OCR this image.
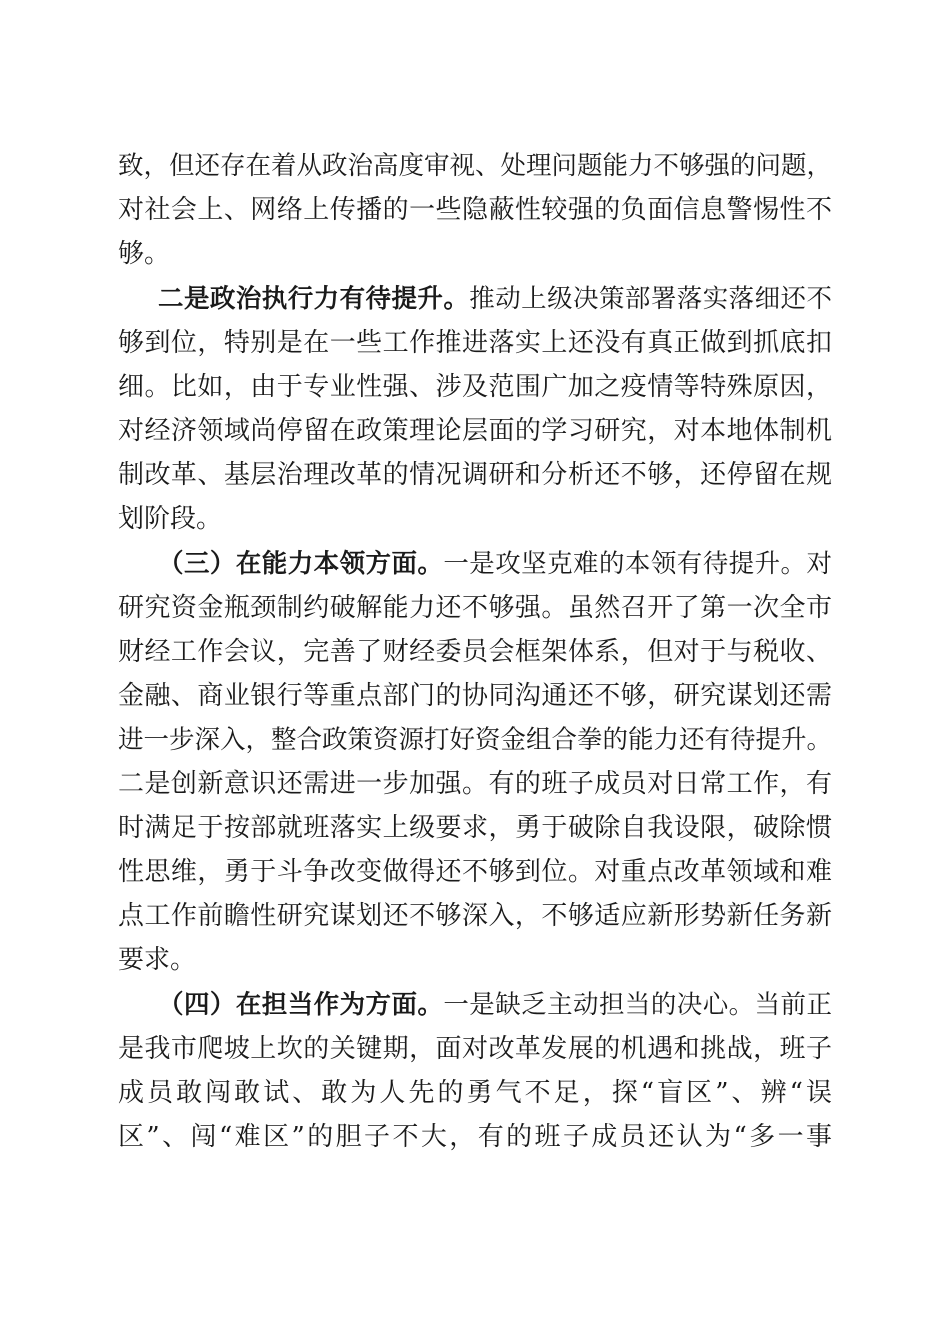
致，但还存在着从政治高度审视、处理问题能力不够强的问题，
对社会上、网络上传播的一些隐蔽性较强的负面信息警惕性不
够。
二是政治执行力有待提升。推动上级决策部署落实落细还不
够到位，特别是在一些工作推进落实上还没有真正做到抓底扣
细。比如，由于专业性强、涉及范围广加之疫情等特殊原因，
对经济领域尚停留在政策理论层面的学习研究，对本地体制机
制改革、基层治理改革的情况调研和分析还不够，还停留在规
划阶段。
（三）在能力本领方面。一是攻坚克难的本领有待提升。对
研究资金瓶颈制约破解能力还不够强。虽然召开了第一次全市
财经工作会议，完善了财经委员会框架体系，但对于与税收、
金融、商业银行等重点部门的协同沟通还不够，研究谋划还需
进一步深入，整合政策资源打好资金组合拳的能力还有待提升。
二是创新意识还需进一步加强。有的班子成员对日常工作，有
时满足于按部就班落实上级要求，勇于破除自我设限，破除惯
性思维，勇于斗争改变做得还不够到位。对重点改革领域和难
点工作前瞻性研究谋划还不够深入，不够适应新形势新任务新
要求。
（四）在担当作为方面。一是缺乏主动担当的决心。当前正
是我市爬坡上坎的关键期，面对改革发展的机遇和挑战，班子
成员敢闯敢试、敢为人先的勇气不足，探“盲区”、辨“误
区”、闯“难区”的胆子不大，有的班子成员还认为“多一事
